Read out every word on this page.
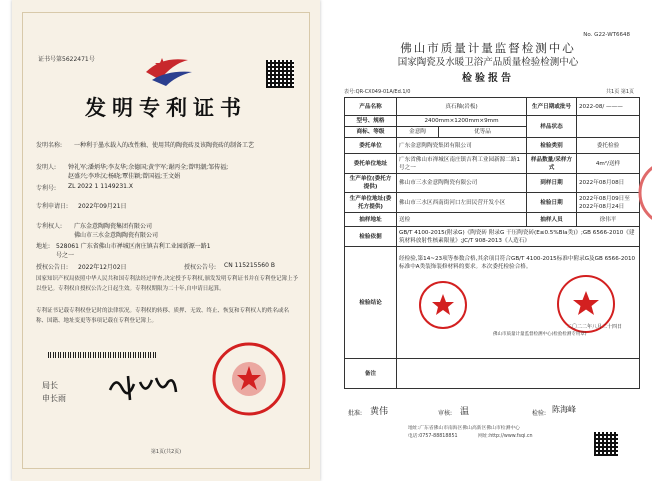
证书号第5622471号
发明专利证书
发明名称: 一种利于墨水载入的改性釉、使用其的陶瓷砖及该陶瓷砖的制备工艺
发明人: 钟礼军;潘炳华;李友华;余德国;黄宇军;谢丙全;曾明潮;邹传福;
赵盛兴;李珍汉;杨晓;覃佳颖;曾国福;王文娟
专利号: ZL 2022 1 1149231.X
专利申请日: 2022年09月21日
专利权人: 广东金意陶陶瓷集团有限公司
佛山市三水金意陶陶瓷有限公司
地址: 528061 广东省佛山市禅城区南庄镇吉利工业园新源一路1
号之一
授权公告日: 2022年12月02日	授权公告号: CN 115215560 B
国家知识产权局依照中华人民共和国专利法经过审查,决定授予专利权,颁发发明专利证书并在专利登记簿上予以登记。专利权自授权公告之日起生效。专利权期限为二十年,自申请日起算。
专利证书记载专利权登记时的法律状况。专利权的转移、质押、无效、终止、恢复和专利权人的姓名或名称、国籍、地址变更等事项记载在专利登记簿上。
局长
申长雨
第1页(共2页)
No. G22-WT6648
佛山市质量计量监督检测中心
国家陶瓷及水暖卫浴产品质量检验检测中心
检验报告
表号:QR-CX049-01A/Ed.1/0	共1页 第1页
产品名称	真石釉(岩板)		生产日期或批号	2022-08/ ———
型号、规格	2400mm×1200mm×9mm		样品状态	
商标、等级	金意陶	优等品		
委托单位	广东金意陶陶瓷集团有限公司		检验类别	委托检验
委托单位地址	广东省佛山市禅城区南庄镇吉利工业园新源二路1号之一		样品数量/采样方式	4m²/送样
生产单位(委托方提供)	佛山市三水金意陶陶瓷有限公司		到样日期	2022年08月08日
生产单位地址(委托方提供)	佛山市三水区西南街河口左田民营开发小区		检验日期	2022年08月09日至2022年08月24日
抽样地址	送检		抽样人员	徐伟平
检验依据	GB/T 4100-2015(附录G)《陶瓷砖 附录G 干压陶瓷砖(E≤0.5%BIa类)》;GB 6566-2010《建筑材料放射性核素限量》;JC/T 908-2013《人造石》			
检验结论	经检验,第14~23项等参数合格,其余项目符合GB/T 4100-2015标准中附录G及GB 6566-2010标准中A类装饰装修材料的要求。本次委托检验合格。
二〇二二年八月二十四日
佛山市质量计量监督检测中心(检验检测专用章)			

备注				
批准: 黄伟	审核: 温	检验: 陈海峰
地址:广东省佛山市南海区佛山高新区佛山市检测中心
电话:0757-88818851	网址:http://www.fsqi.cn
